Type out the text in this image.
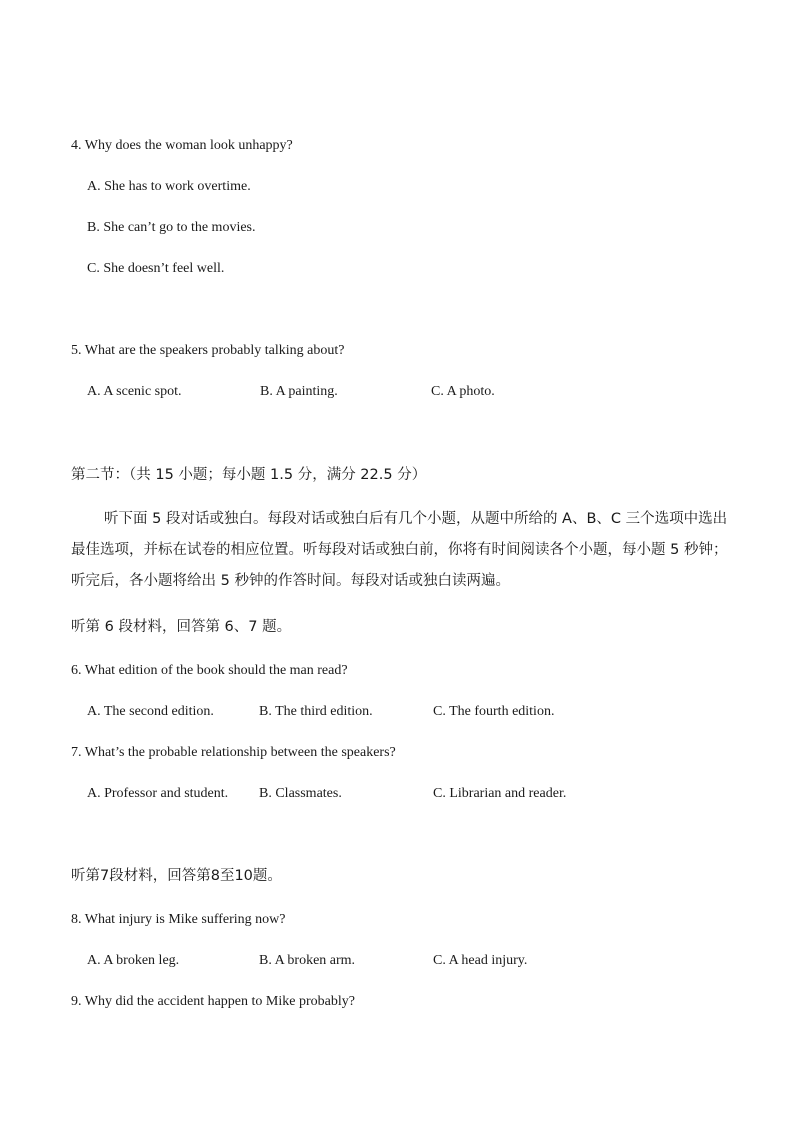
4. Why does the woman look unhappy?
A. She has to work overtime.
B. She can’t go to the movies.
C. She doesn’t feel well.
5. What are the speakers probably talking about?
A. A scenic spot.	B. A painting.	C. A photo.
第二节：（共 15 小题；每小题 1.5 分，满分 22.5 分）
听下面 5 段对话或独白。每段对话或独白后有几个小题，从题中所给的 A、B、C 三个选项中选出最佳选项，并标在试卷的相应位置。听每段对话或独白前，你将有时间阅读各个小题，每小题 5 秒钟；听完后，各小题将给出 5 秒钟的作答时间。每段对话或独白读两遍。
听第 6 段材料，回答第 6、7 题。
6. What edition of the book should the man read?
A. The second edition.	B. The third edition.	C. The fourth edition.
7. What’s the probable relationship between the speakers?
A. Professor and student. B. Classmates.	C. Librarian and reader.
听第7段材料，回答第8至10题。
8. What injury is Mike suffering now?
A. A broken leg.	B. A broken arm.	C. A head injury.
9. Why did the accident happen to Mike probably?
